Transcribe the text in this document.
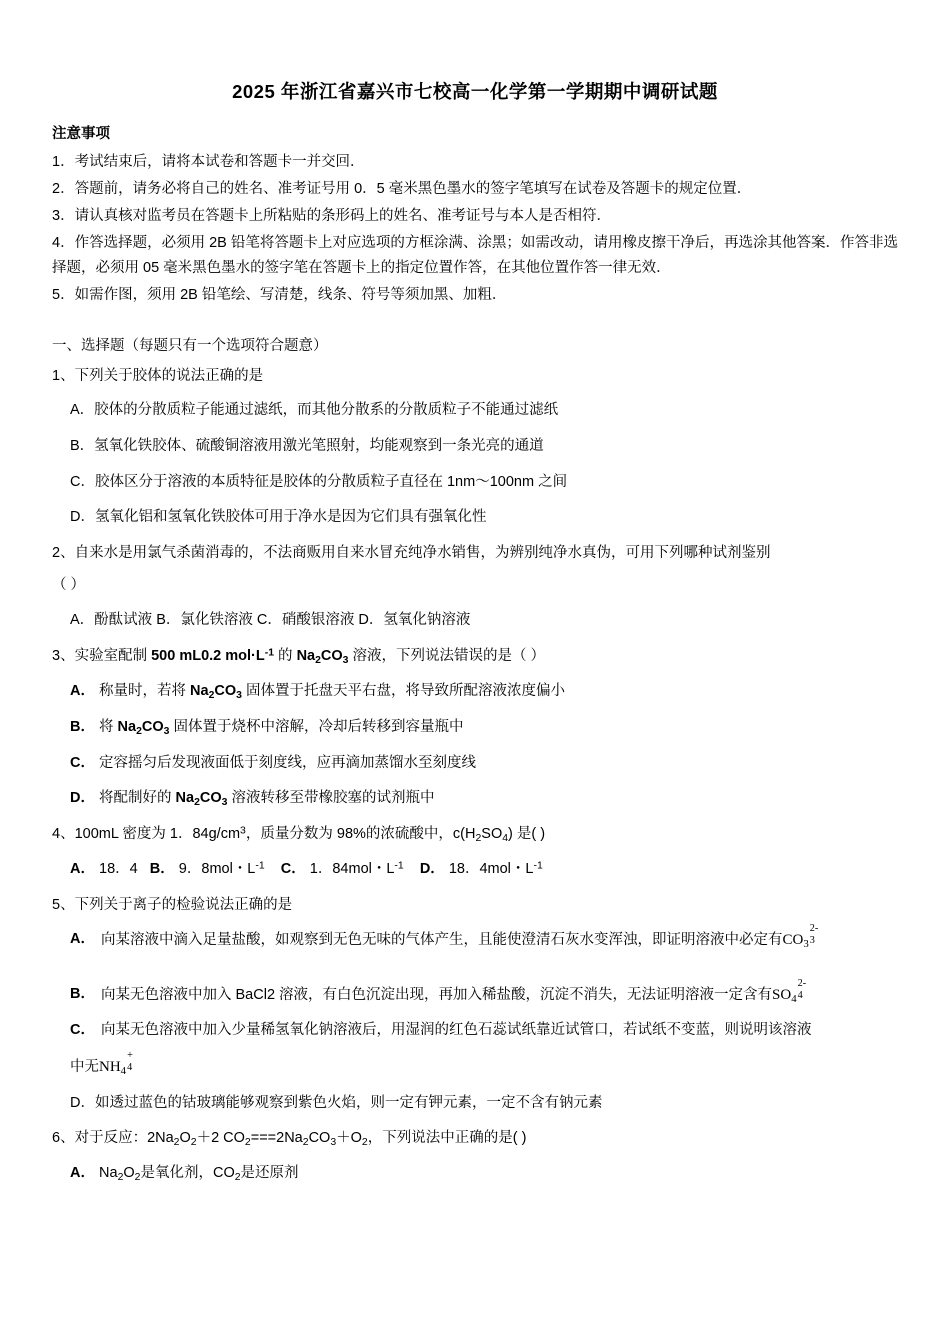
2025 年浙江省嘉兴市七校高一化学第一学期期中调研试题
注意事项
1．考试结束后，请将本试卷和答题卡一并交回．
2．答题前，请务必将自己的姓名、准考证号用 0．5 毫米黑色墨水的签字笔填写在试卷及答题卡的规定位置．
3．请认真核对监考员在答题卡上所粘贴的条形码上的姓名、准考证号与本人是否相符．
4．作答选择题，必须用 2B 铅笔将答题卡上对应选项的方框涂满、涂黑；如需改动，请用橡皮擦干净后，再选涂其他答案．作答非选择题，必须用 05 毫米黑色墨水的签字笔在答题卡上的指定位置作答，在其他位置作答一律无效．
5．如需作图，须用 2B 铅笔绘、写清楚，线条、符号等须加黑、加粗．
一、选择题（每题只有一个选项符合题意）
1、下列关于胶体的说法正确的是
A．胶体的分散质粒子能通过滤纸，而其他分散系的分散质粒子不能通过滤纸
B．氢氧化铁胶体、硫酸铜溶液用激光笔照射，均能观察到一条光亮的通道
C．胶体区分于溶液的本质特征是胶体的分散质粒子直径在 1nm～100nm 之间
D．氢氧化铝和氢氧化铁胶体可用于净水是因为它们具有强氧化性
2、自来水是用氯气杀菌消毒的，不法商贩用自来水冒充纯净水销售，为辨别纯净水真伪，可用下列哪种试剂鉴别
（ ）
A．酚酞试液 B．氯化铁溶液 C．硝酸银溶液 D．氢氧化钠溶液
3、实验室配制 500 mL0.2 $mol\cdot L^{-1}$ 的 $Na_2CO_3$ 溶液，下列说法错误的是（ ）
A． 称量时，若将 $Na_2CO_3$ 固体置于托盘天平右盘，将导致所配溶液浓度偏小
B． 将 $Na_2CO_3$ 固体置于烧杯中溶解，冷却后转移到容量瓶中
C． 定容摇匀后发现液面低于刻度线，应再滴加蒸馏水至刻度线
D． 将配制好的 $Na_2CO_3$ 溶液转移至带橡胶塞的试剂瓶中
4、100mL 密度为 1．$84g/cm^3$，质量分数为 98%的浓硫酸中，$c(H_2SO_4)$ 是( )
A． 18．4   B． 9．8mol・$L^{-1}$ C． 1．84mol・$L^{-1}$ D． 18．4mol・$L^{-1}$
5、下列关于离子的检验说法正确的是
A． 向某溶液中滴入足量盐酸，如观察到无色无味的气体产生，且能使澄清石灰水变浑浊，即证明溶液中必定有$CO_3$
2-
3
B． 向某无色溶液中加入 BaCl2 溶液，有白色沉淀出现，再加入稀盐酸，沉淀不消失，无法证明溶液一定含有$SO_4$
2-
4
C． 向某无色溶液中加入少量稀氢氧化钠溶液后，用湿润的红色石蕊试纸靠近试管口，若试纸不变蓝，则说明该溶液
中无$NH_4$
+
4
D．如透过蓝色的钴玻璃能够观察到紫色火焰，则一定有钾元素，一定不含有钠元素
6、对于反应：$2Na_2O_2+2$ $CO_2===2Na_2CO_3+O_2$，下列说法中正确的是( )
A． $Na_2O_2$是氧化剂，$CO_2$是还原剂
